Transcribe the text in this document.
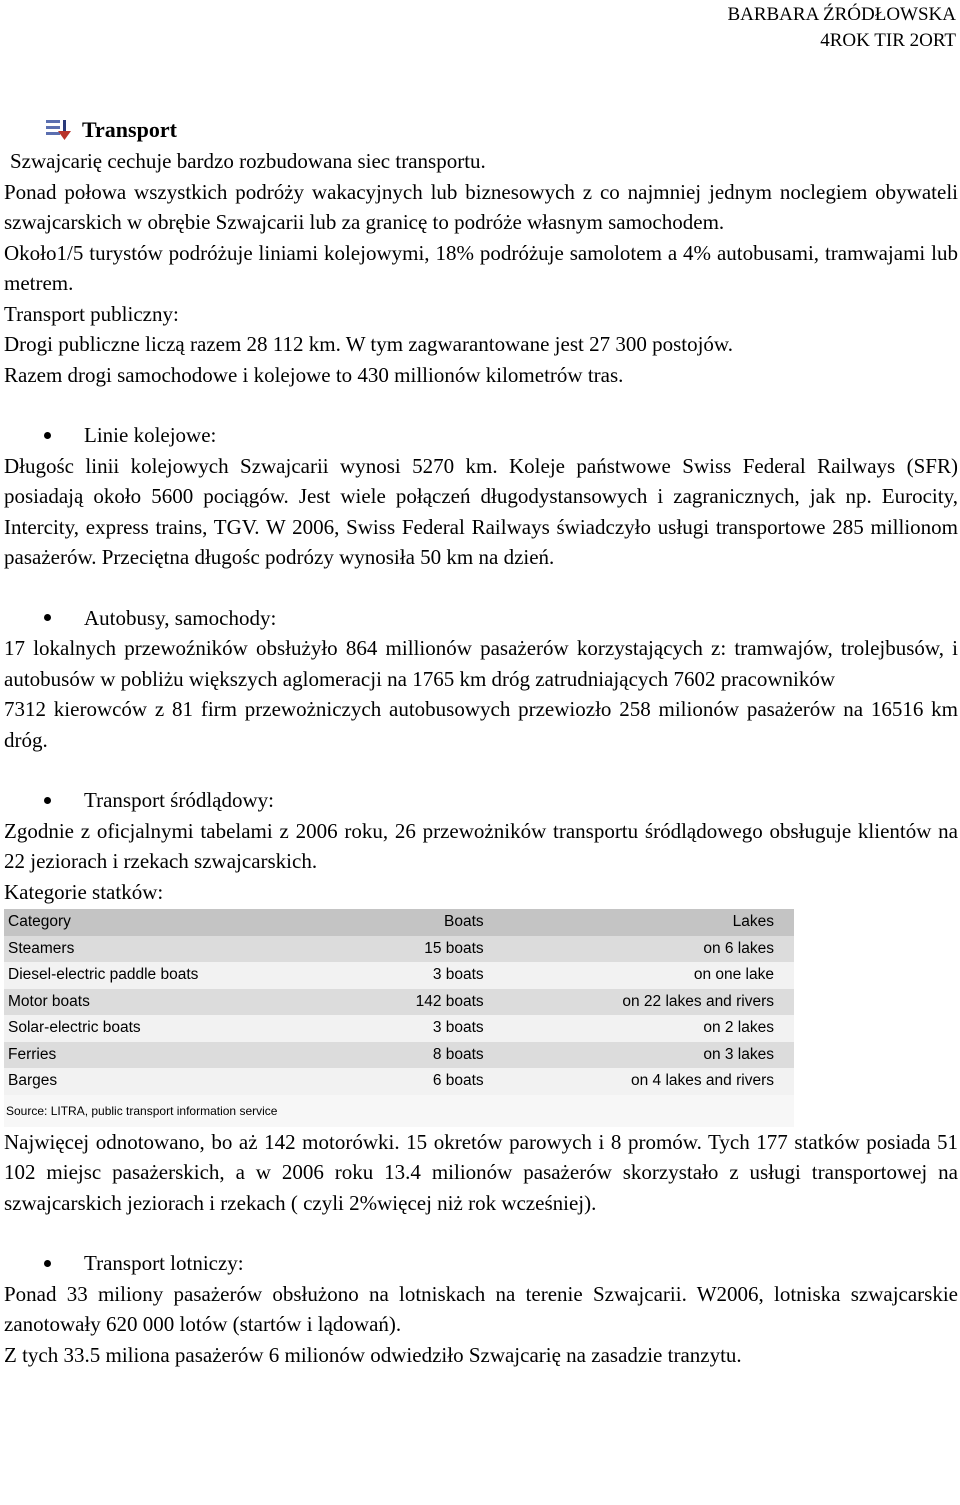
BARBARA ŹRÓDŁOWSKA
4ROK TIR 2ORT
Transport

Szwajcarię cechuje bardzo rozbudowana siec transportu.

Ponad połowa wszystkich podróży wakacyjnych lub biznesowych z co najmniej jednym noclegiem obywateli szwajcarskich w obrębie Szwajcarii lub za granicę to podróże własnym samochodem.

Około1/5 turystów podróżuje liniami kolejowymi, 18% podróżuje samolotem a 4% autobusami, tramwajami lub metrem.

Transport publiczny:

Drogi publiczne liczą razem 28 112 km. W tym zagwarantowane jest 27 300 postojów.

Razem drogi samochodowe i kolejowe to 430 millionów kilometrów tras.

Linie kolejowe:

Długośc linii kolejowych Szwajcarii wynosi 5270 km. Koleje państwowe Swiss Federal Railways (SFR) posiadają około 5600 pociągów. Jest wiele połączeń długodystansowych i zagranicznych, jak np. Eurocity, Intercity, express trains, TGV. W 2006, Swiss Federal Railways świadczyło usługi transportowe 285 millionom pasażerów. Przeciętna długośc podrózy wynosiła 50 km na dzień.

Autobusy, samochody:

17 lokalnych przewoźników obsłużyło 864 millionów pasażerów korzystających z: tramwajów, trolejbusów, i autobusów w pobliżu większych aglomeracji na 1765 km dróg zatrudniających 7602 pracowników

7312 kierowców z 81 firm przewożniczych autobusowych przewiozło 258 milionów pasażerów na 16516 km dróg.

Transport śródlądowy:

Zgodnie z oficjalnymi tabelami z 2006 roku, 26 przewożników transportu śródlądowego obsługuje klientów na 22 jeziorach i rzekach szwajcarskich.

Kategorie statków:

Category	Boats	Lakes
Steamers	15 boats	on 6 lakes
Diesel-electric paddle boats	3 boats	on one lake
Motor boats	142 boats	on 22 lakes and rivers
Solar-electric boats	3 boats	on 2 lakes
Ferries	8 boats	on 3 lakes
Barges	6 boats	on 4 lakes and rivers
Source: LITRA, public transport information service

Najwięcej odnotowano, bo aż 142 motorówki. 15 okretów parowych i 8 promów. Tych 177 statków posiada 51 102 miejsc pasażerskich, a w 2006 roku 13.4 milionów pasażerów skorzystało z usługi transportowej na szwajcarskich jeziorach i rzekach ( czyli 2%więcej niż rok wcześniej).

Transport lotniczy:

Ponad 33 miliony pasażerów obsłużono na lotniskach na terenie Szwajcarii. W2006, lotniska szwajcarskie zanotowały 620 000 lotów (startów i lądowań).

Z tych 33.5 miliona pasażerów 6 milionów odwiedziło Szwajcarię na zasadzie tranzytu.
